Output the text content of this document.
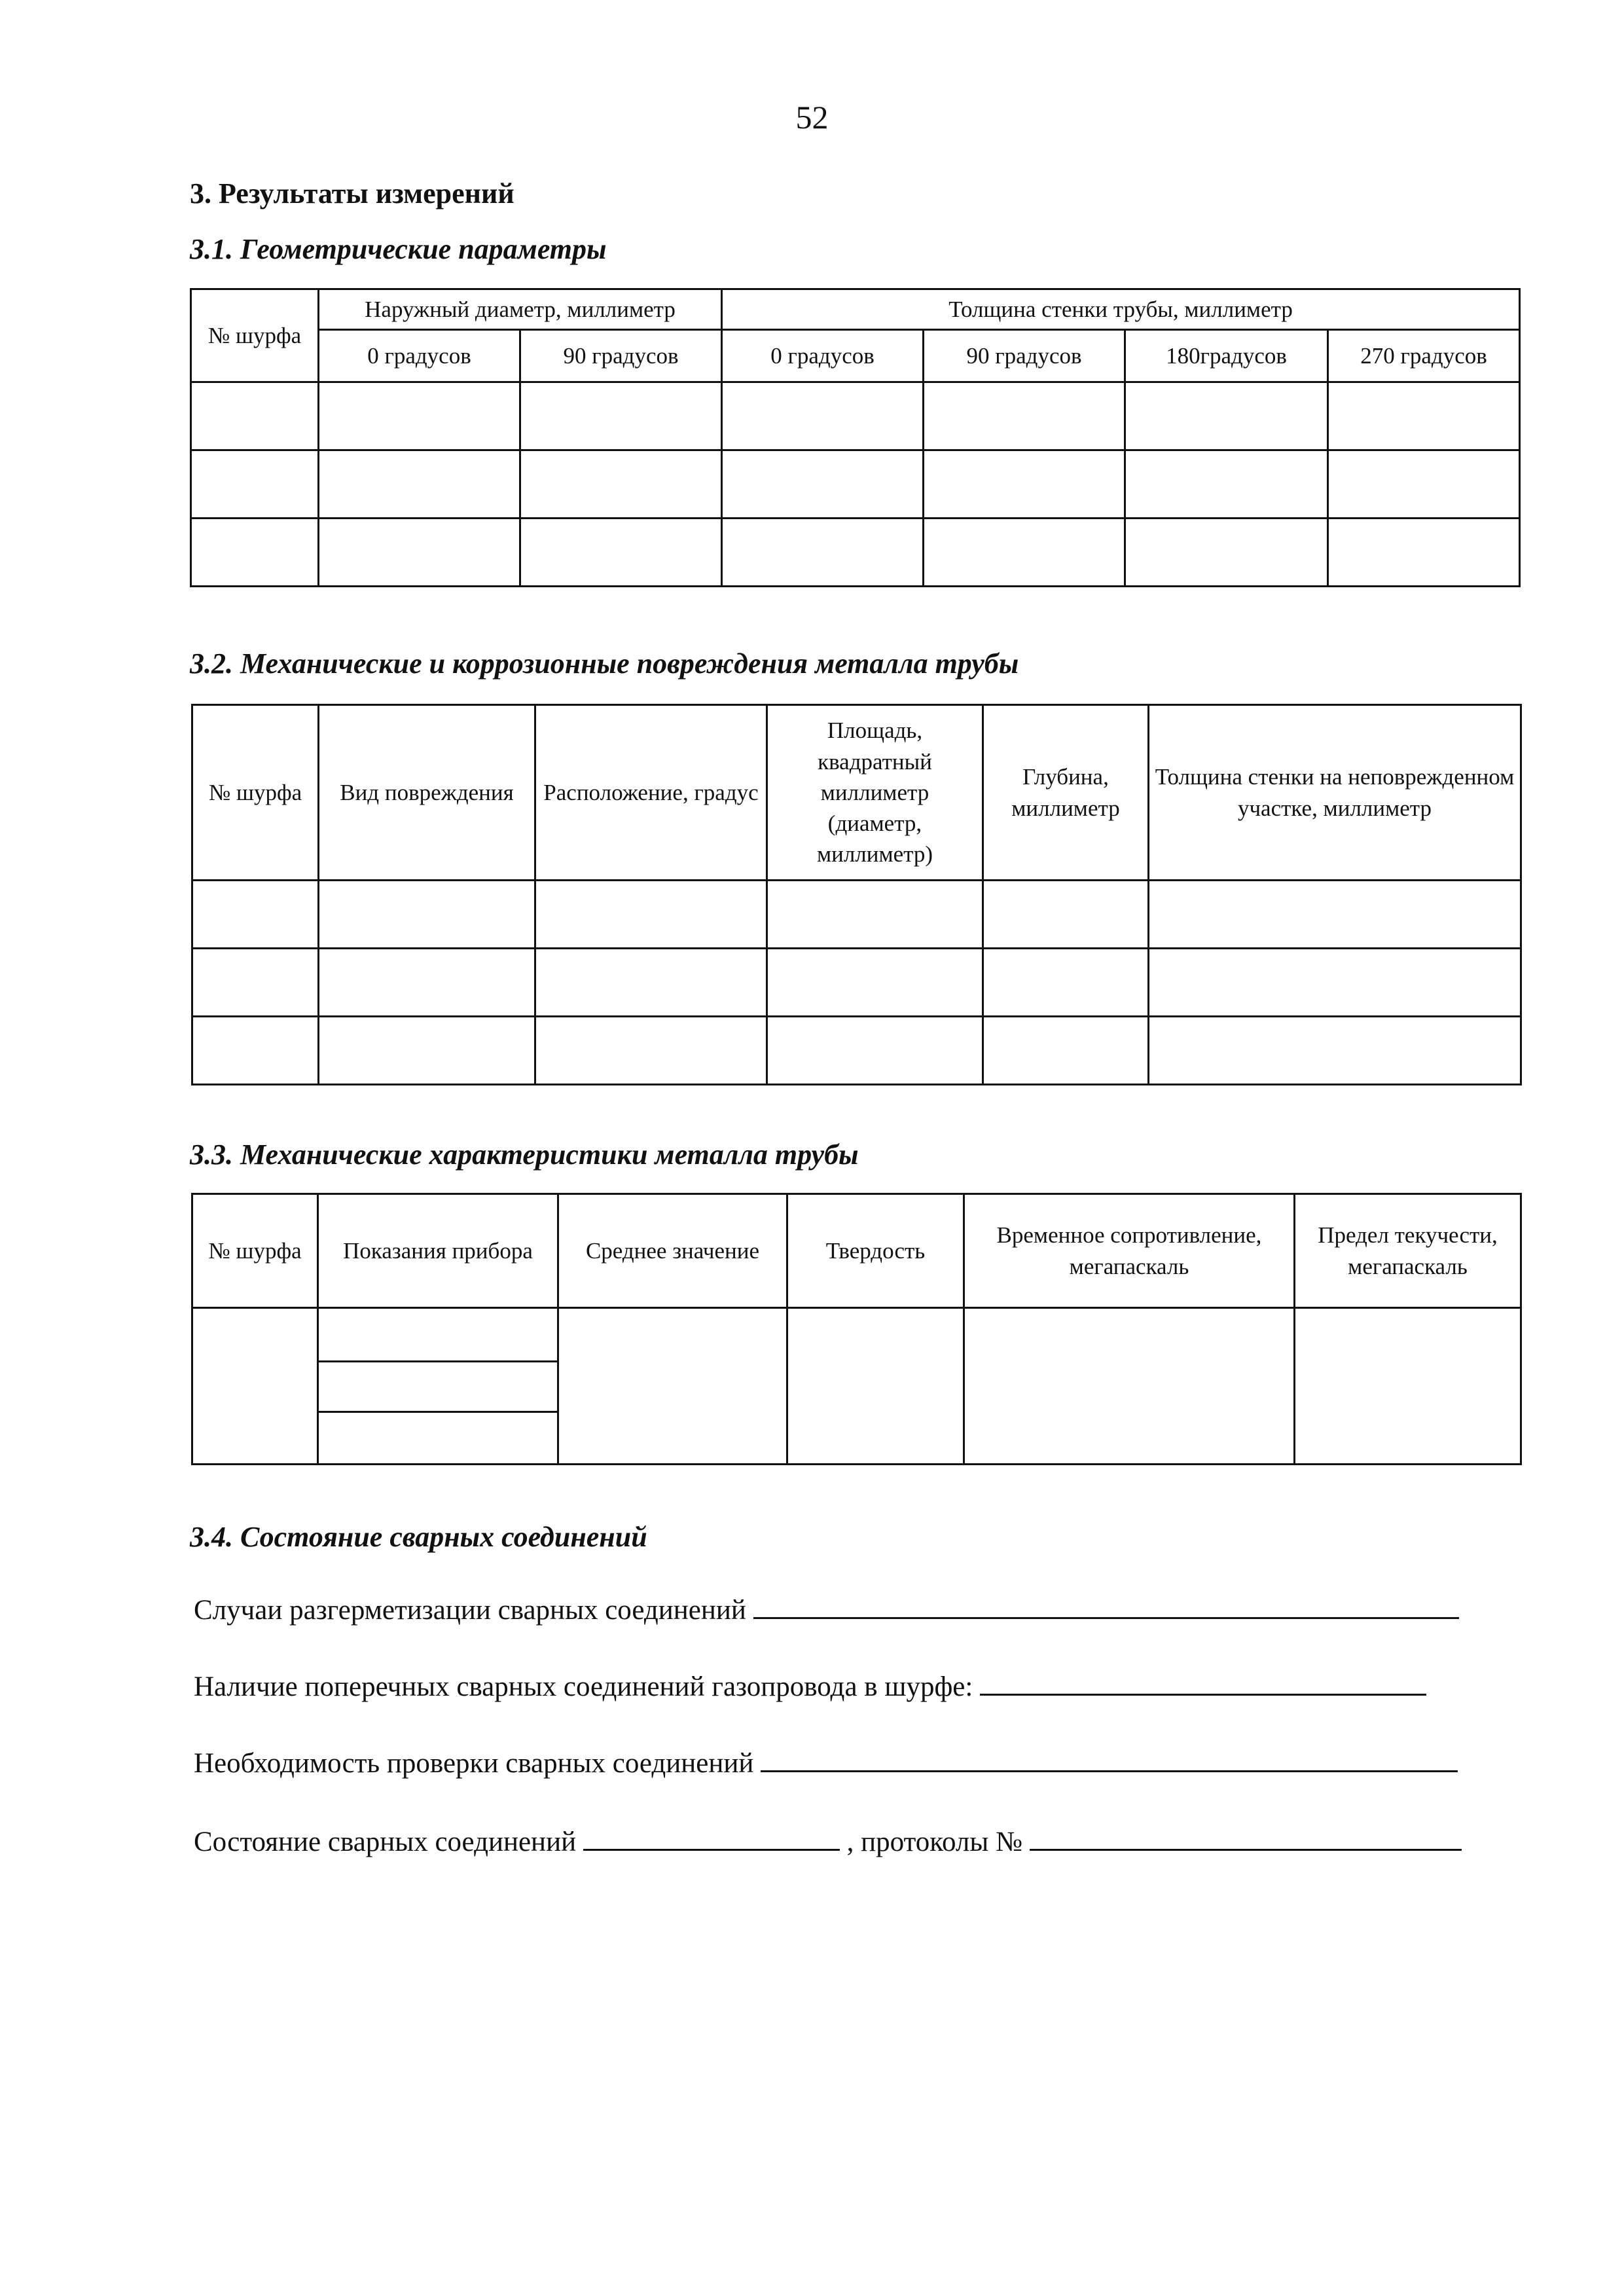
52
3. Результаты измерений
3.1. Геометрические параметры
№ шурфа	Наружный диаметр, миллиметр		Толщина стенки трубы, миллиметр			
	0 градусов	90 градусов	0 градусов	90 градусов	180градусов	270 градусов

3.2. Механические и коррозионные повреждения металла трубы
№ шурфа	Вид повреждения	Расположение, градус	Площадь, квадратный миллиметр (диаметр, миллиметр)	Глубина, миллиметр	Толщина стенки на неповрежденном участке, миллиметр

3.3. Механические характеристики металла трубы
№ шурфа	Показания прибора	Среднее значение	Твердость	Временное сопротивление, мегапаскаль	Предел текучести, мегапаскаль

3.4. Состояние сварных соединений
Случаи разгерметизации сварных соединений
Наличие поперечных сварных соединений газопровода в шурфе:
Необходимость проверки сварных соединений
Состояние сварных соединений	, протоколы №
